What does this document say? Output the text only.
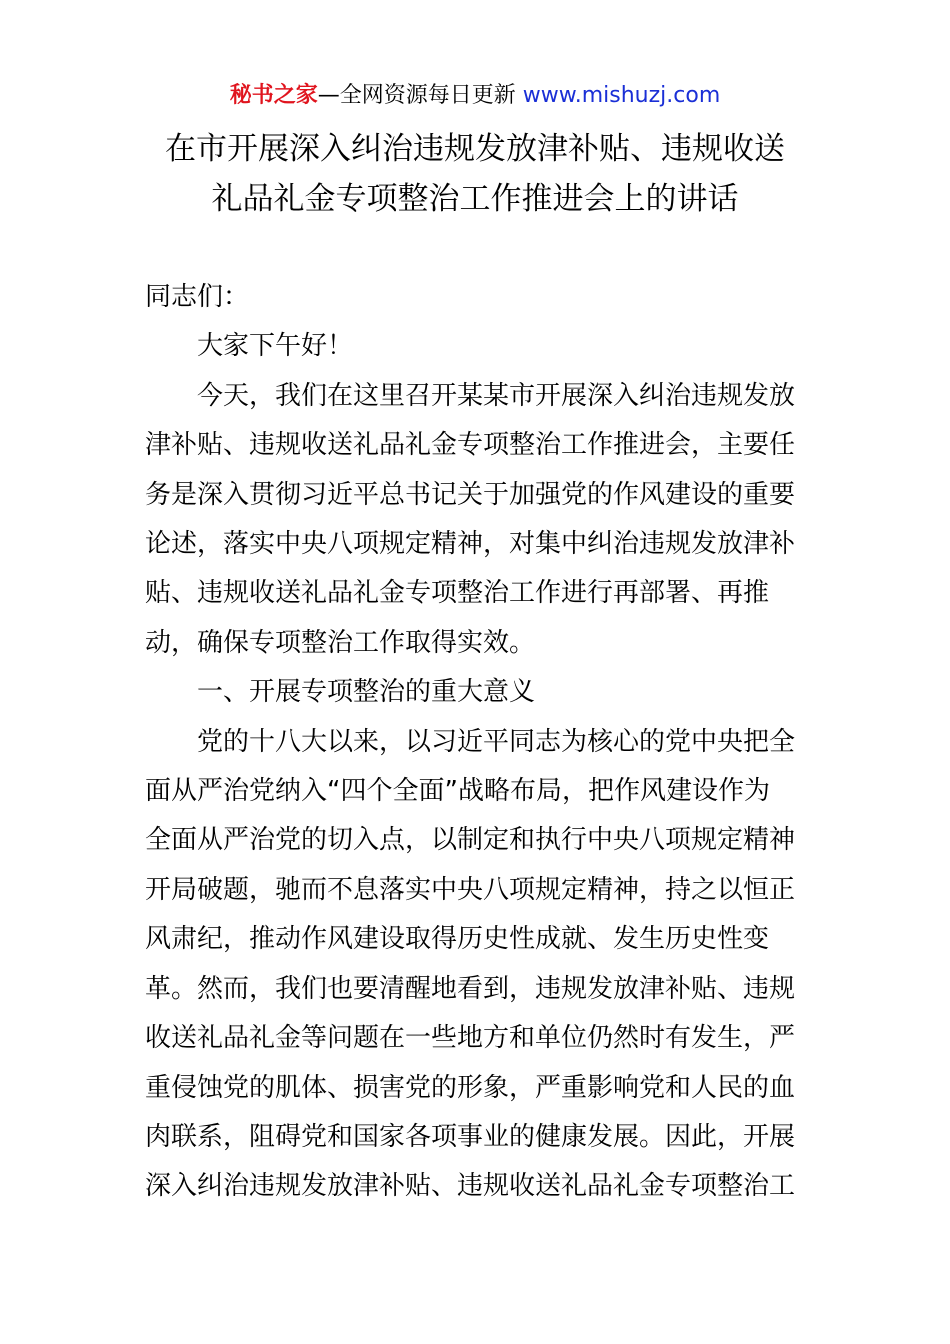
秘书之家—全网资源每日更新 www.mishuzj.com
在市开展深入纠治违规发放津补贴、违规收送
礼品礼金专项整治工作推进会上的讲话

同志们：

大家下午好！

今天，我们在这里召开某某市开展深入纠治违规发放
津补贴、违规收送礼品礼金专项整治工作推进会，主要任
务是深入贯彻习近平总书记关于加强党的作风建设的重要
论述，落实中央八项规定精神，对集中纠治违规发放津补
贴、违规收送礼品礼金专项整治工作进行再部署、再推
动，确保专项整治工作取得实效。

一、开展专项整治的重大意义

党的十八大以来，以习近平同志为核心的党中央把全
面从严治党纳入“四个全面”战略布局，把作风建设作为
全面从严治党的切入点，以制定和执行中央八项规定精神
开局破题，驰而不息落实中央八项规定精神，持之以恒正
风肃纪，推动作风建设取得历史性成就、发生历史性变
革。然而，我们也要清醒地看到，违规发放津补贴、违规
收送礼品礼金等问题在一些地方和单位仍然时有发生，严
重侵蚀党的肌体、损害党的形象，严重影响党和人民的血
肉联系，阻碍党和国家各项事业的健康发展。因此，开展
深入纠治违规发放津补贴、违规收送礼品礼金专项整治工
